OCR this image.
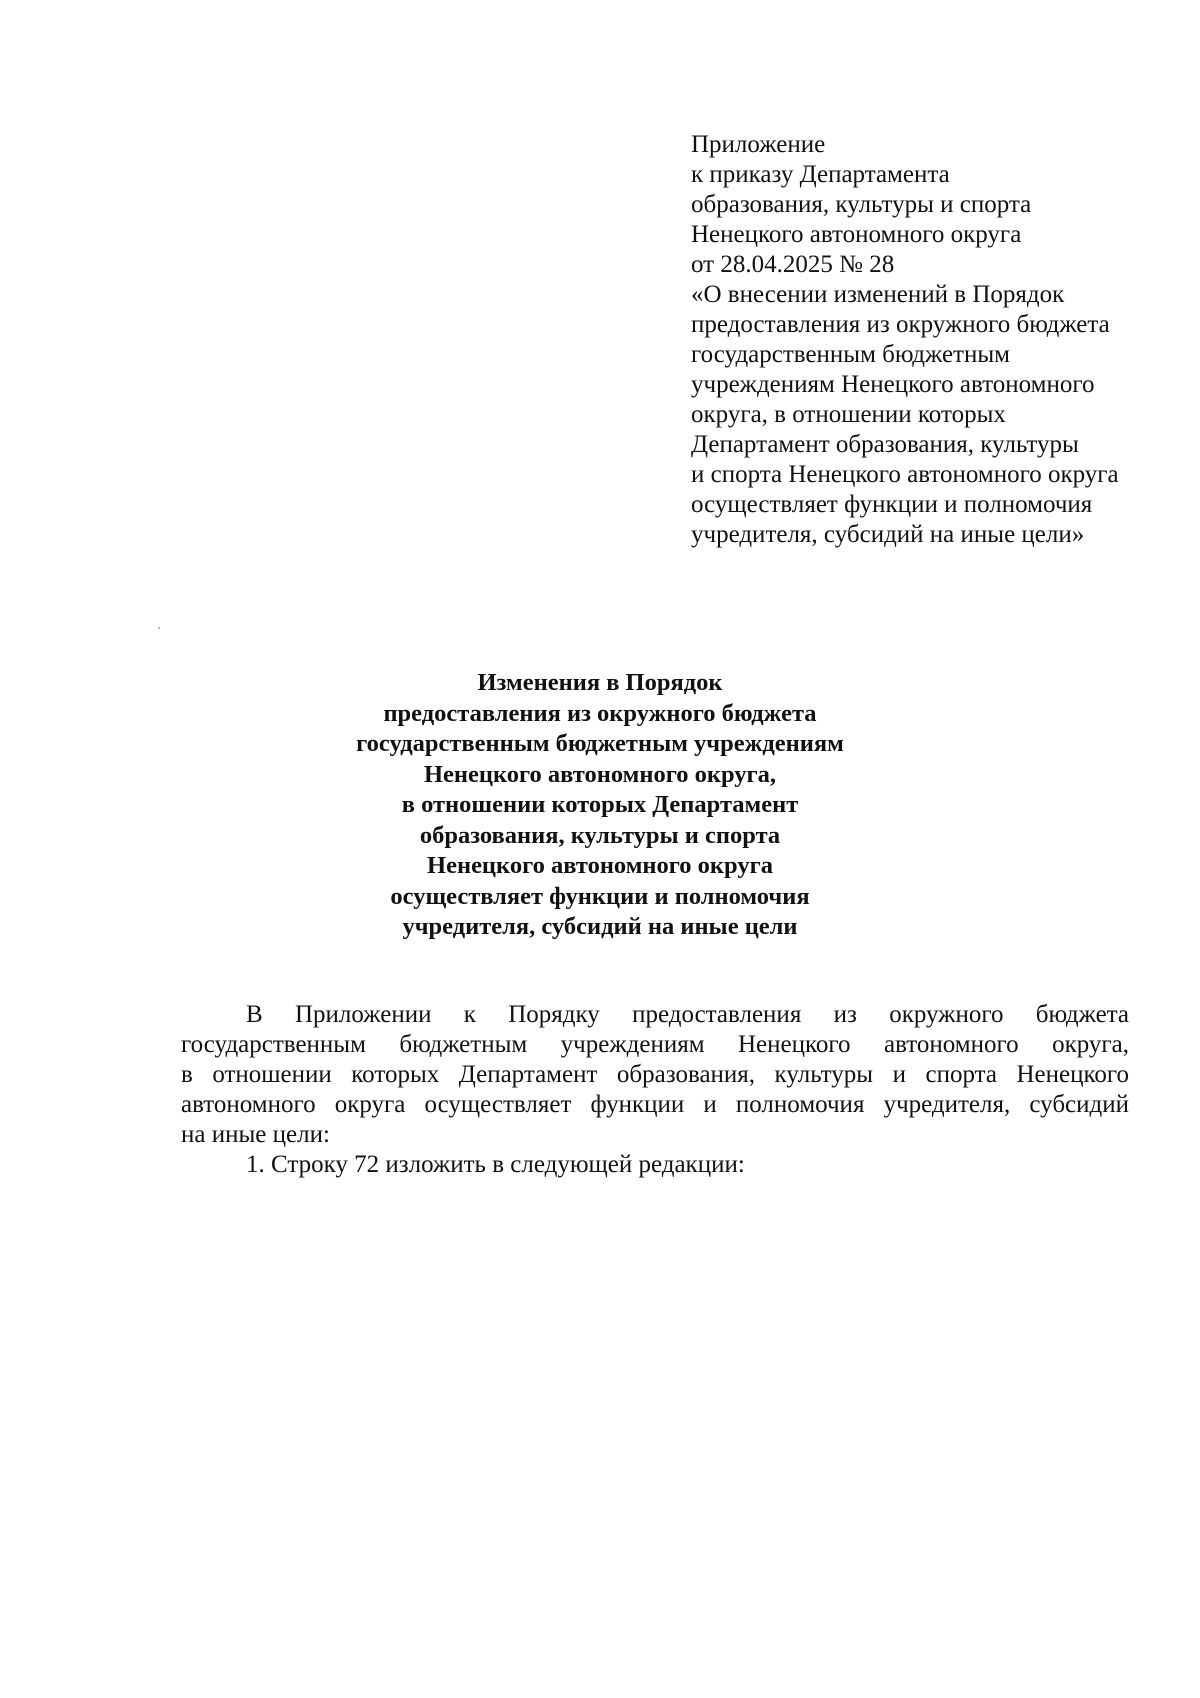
Приложение
к приказу Департамента
образования, культуры и спорта
Ненецкого автономного округа
от 28.04.2025 № 28
«О внесении изменений в Порядок
предоставления из окружного бюджета
государственным бюджетным
учреждениям Ненецкого автономного
округа, в отношении которых
Департамент образования, культуры
и спорта Ненецкого автономного округа
осуществляет функции и полномочия
учредителя, субсидий на иные цели»
Изменения в Порядок
предоставления из окружного бюджета
государственным бюджетным учреждениям
Ненецкого автономного округа,
в отношении которых Департамент
образования, культуры и спорта
Ненецкого автономного округа
осуществляет функции и полномочия
учредителя, субсидий на иные цели
В Приложении к Порядку предоставления из окружного бюджета
государственным бюджетным учреждениям Ненецкого автономного округа,
в отношении которых Департамент образования, культуры и спорта Ненецкого
автономного округа осуществляет функции и полномочия учредителя, субсидий
на иные цели:
1. Строку 72 изложить в следующей редакции:
